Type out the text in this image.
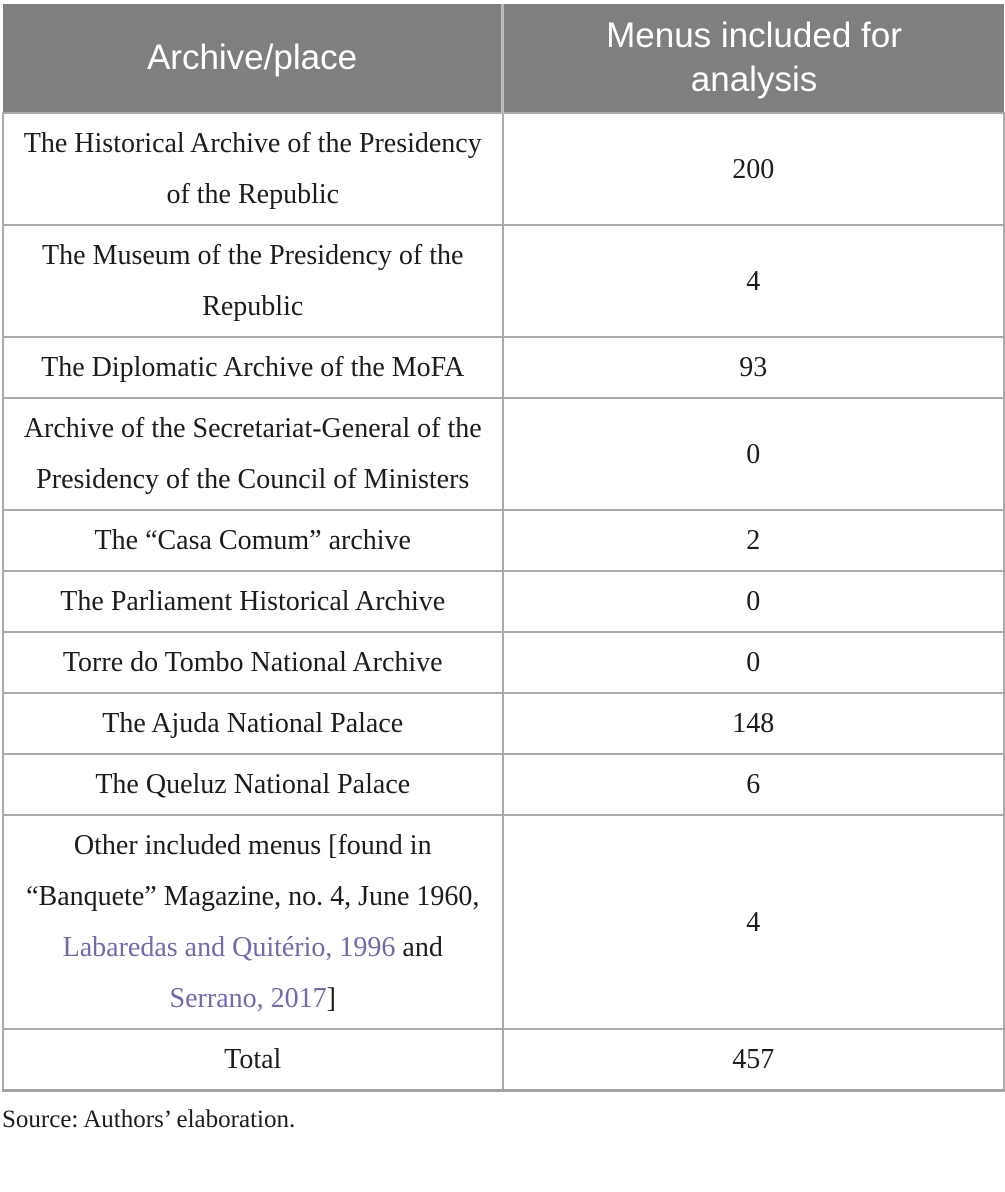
Archive/place	Menus included for analysis
The Historical Archive of the Presidency of the Republic	200
The Museum of the Presidency of the Republic	4
The Diplomatic Archive of the MoFA	93
Archive of the Secretariat-General of the Presidency of the Council of Ministers	0
The “Casa Comum” archive	2
The Parliament Historical Archive	0
Torre do Tombo National Archive	0
The Ajuda National Palace	148
The Queluz National Palace	6
Other included menus [found in “Banquete” Magazine, no. 4, June 1960, Labaredas and Quitério, 1996 and Serrano, 2017]	4
Total	457
Source: Authors’ elaboration.
